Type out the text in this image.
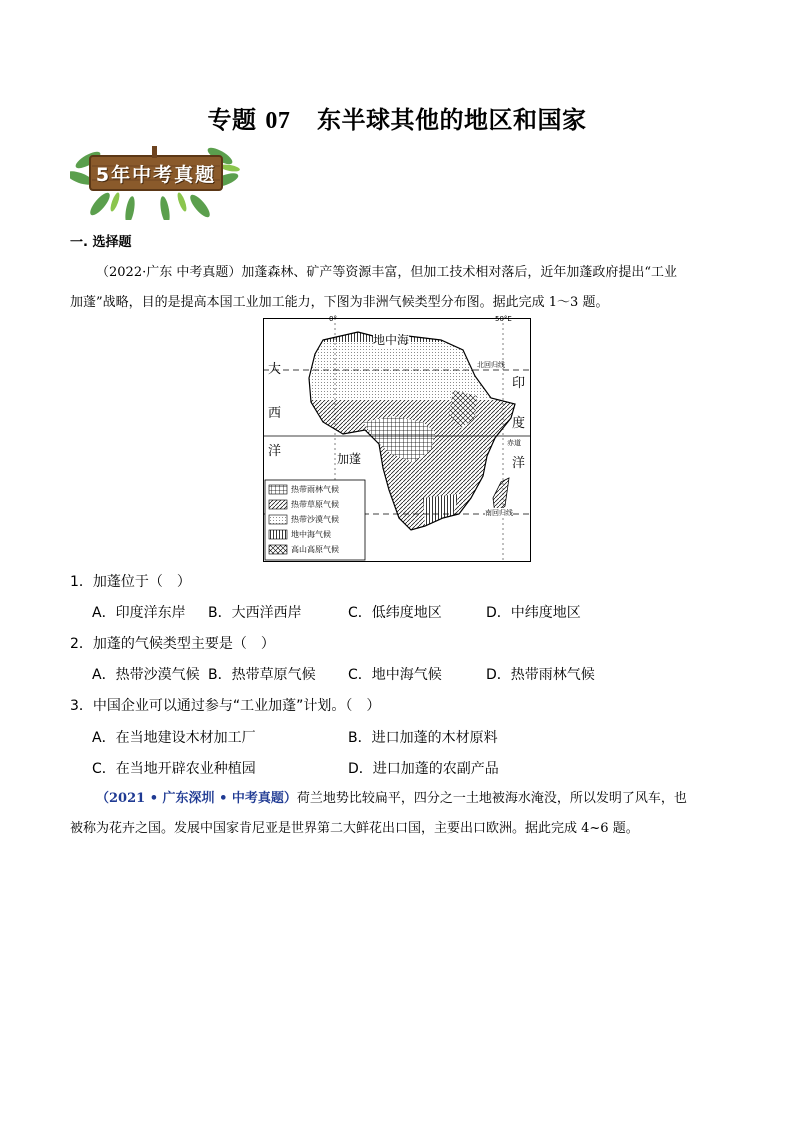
专题 07 东半球其他的地区和国家
5年中考真题
一. 选择题
（2022·广东 中考真题）加蓬森林、矿产等资源丰富，但加工技术相对落后，近年加蓬政府提出“工业
加蓬”战略，目的是提高本国工业加工能力，下图为非洲气候类型分布图。据此完成 1～3 题。
0°	50°E
地中海
大
西
洋
印
度
洋
加蓬
北回归线
赤道
南回归线
热带雨林气候
热带草原气候
热带沙漠气候
地中海气候
高山高原气候
1．加蓬位于（　）
A．印度洋东岸 B．大西洋西岸	C．低纬度地区	D．中纬度地区
2．加蓬的气候类型主要是（　）
A．热带沙漠气候 B．热带草原气候 C．地中海气候	D．热带雨林气候
3．中国企业可以通过参与“工业加蓬”计划。（　）
A．在当地建设木材加工厂	B．进口加蓬的木材原料
C．在当地开辟农业种植园	D．进口加蓬的农副产品
（2021 • 广东深圳 • 中考真题）荷兰地势比较扁平，四分之一土地被海水淹没，所以发明了风车，也
被称为花卉之国。发展中国家肯尼亚是世界第二大鲜花出口国，主要出口欧洲。据此完成 4~6 题。
